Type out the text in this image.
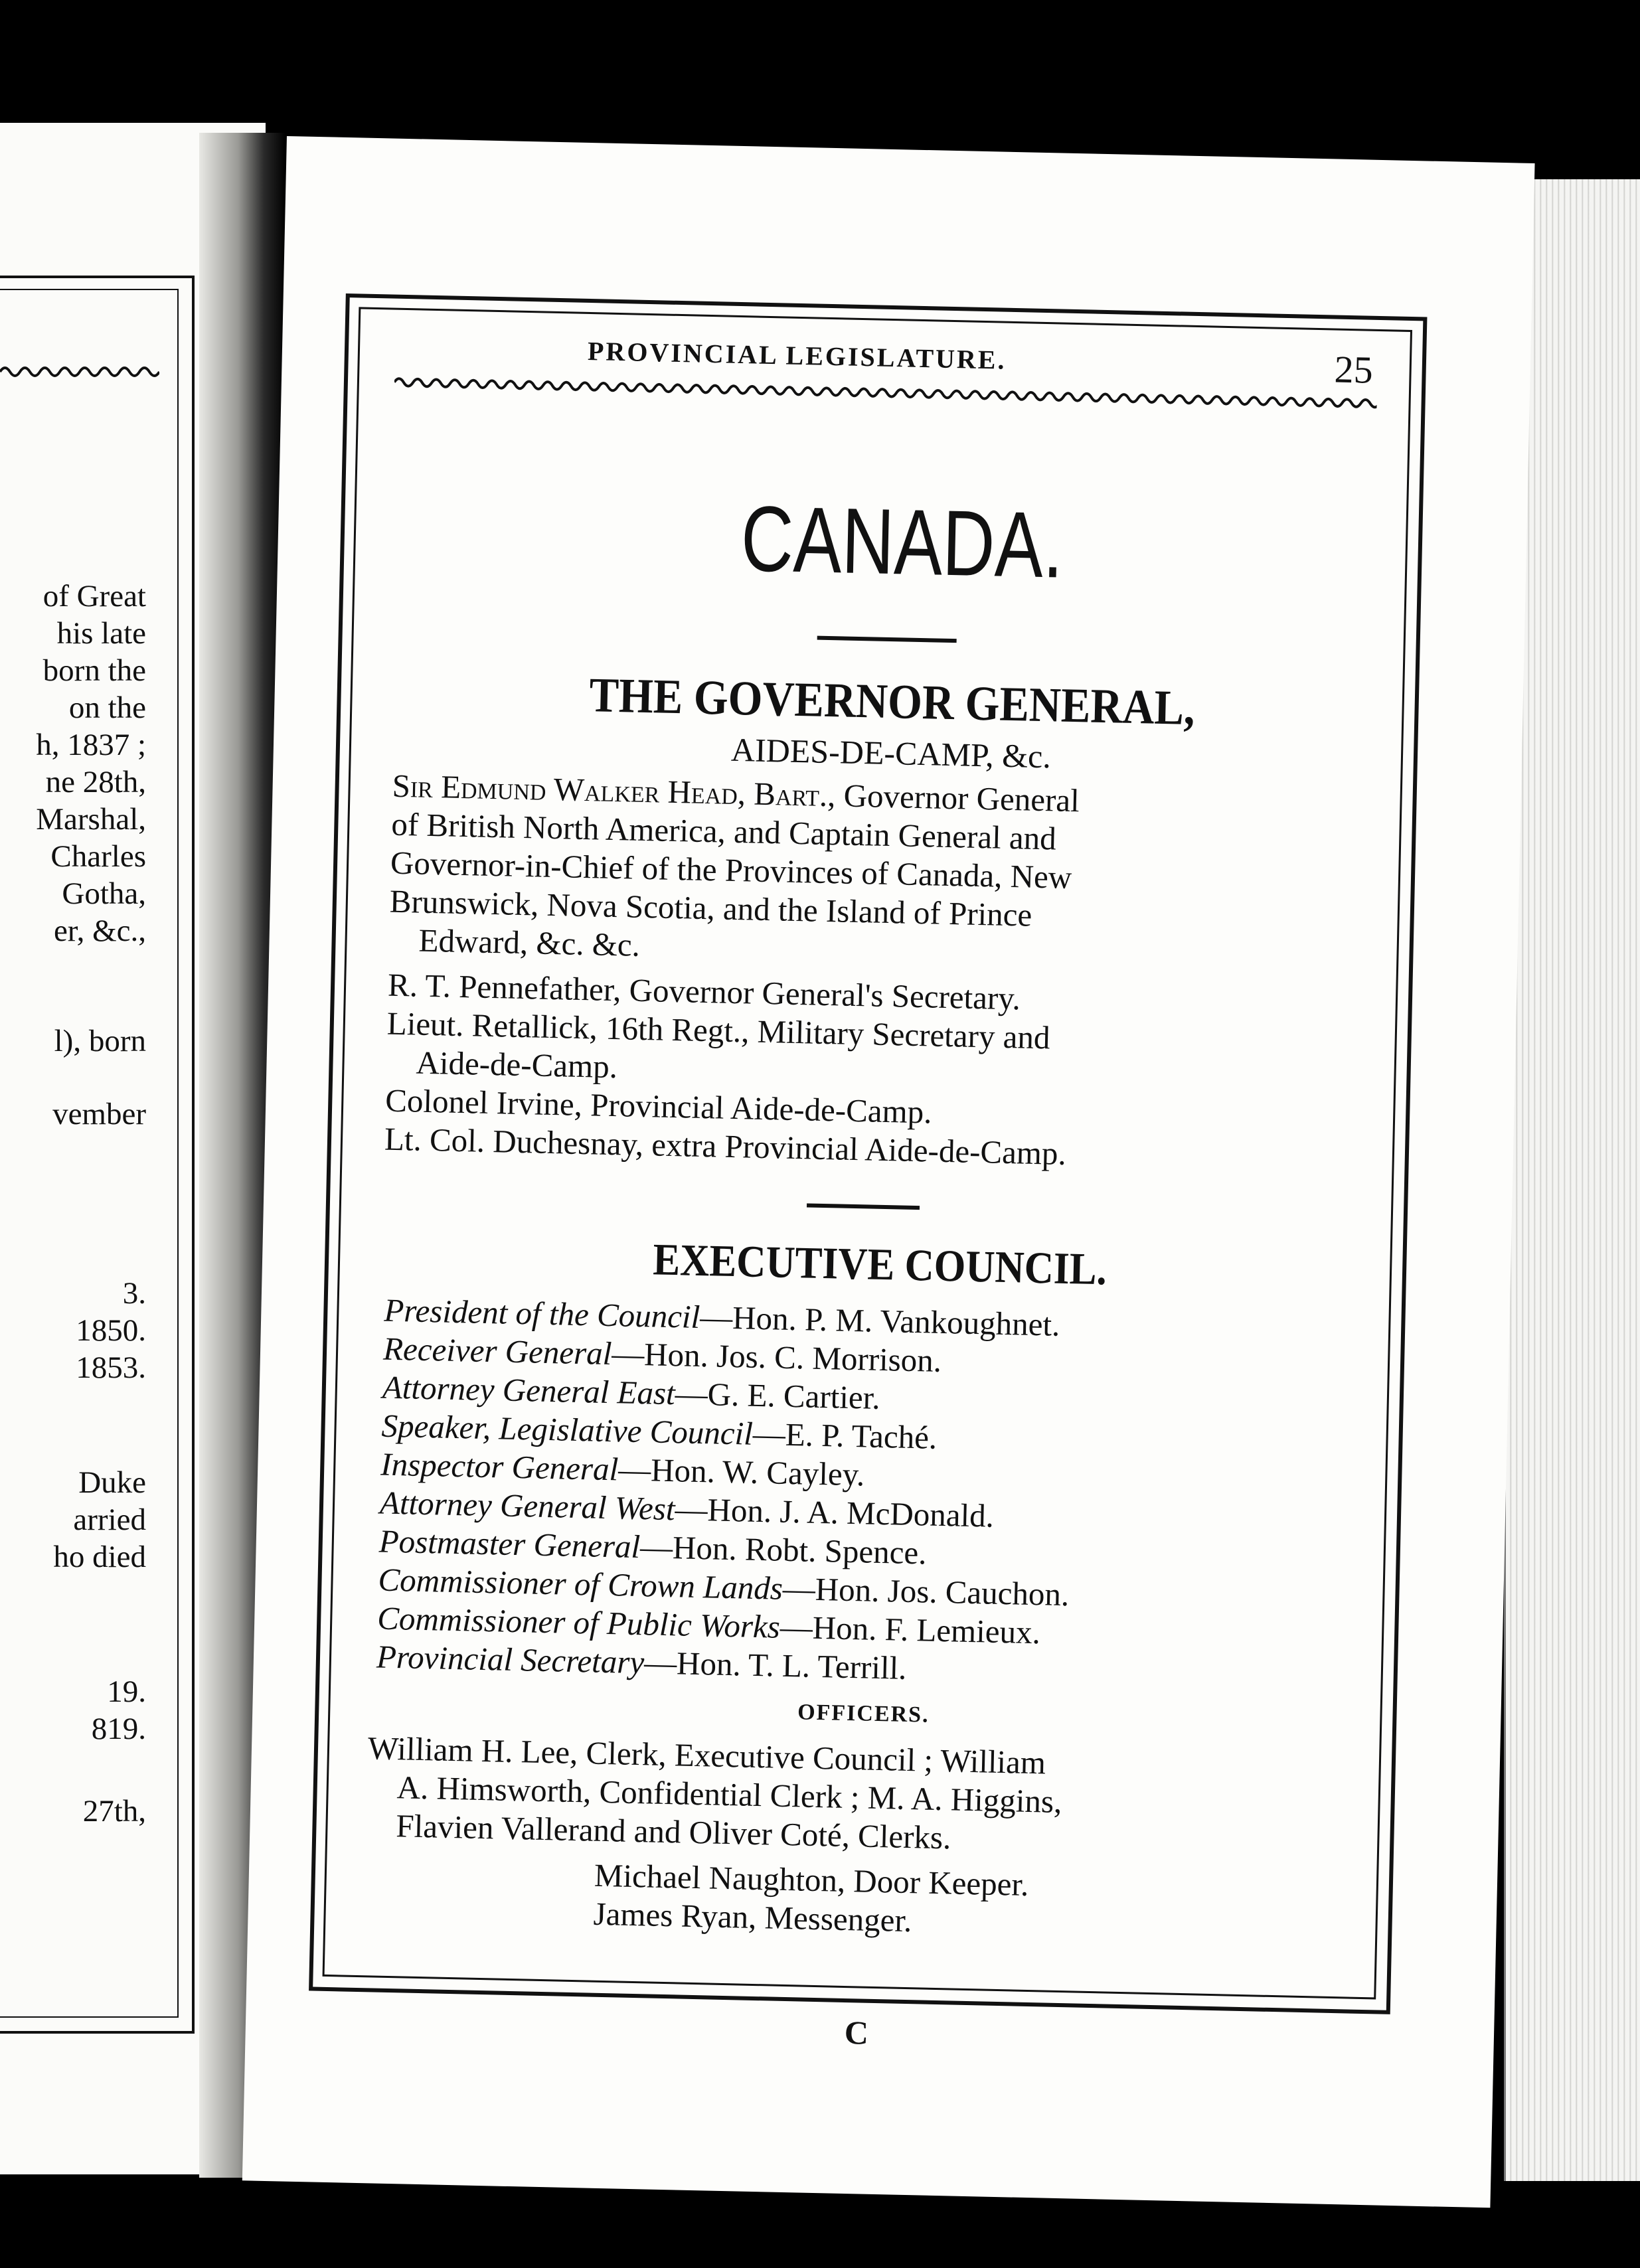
of Great
his late
born the
on the
h, 1837 ;
ne 28th,
Marshal,
Charles
Gotha,
er, &c.,
l), born
vember
3.
1850.
1853.
Duke
arried
ho died
19.
819.
27th,
PROVINCIAL LEGISLATURE.	25
CANADA.
THE GOVERNOR GENERAL,
AIDES-DE-CAMP, &c.
Sir Edmund Walker Head, Bart., Governor General
of British North America, and Captain General and
Governor-in-Chief of the Provinces of Canada, New
Brunswick, Nova Scotia, and the Island of Prince
Edward, &c. &c.
R. T. Pennefather, Governor General's Secretary.
Lieut. Retallick, 16th Regt., Military Secretary and
Aide-de-Camp.
Colonel Irvine, Provincial Aide-de-Camp.
Lt. Col. Duchesnay, extra Provincial Aide-de-Camp.
EXECUTIVE COUNCIL.
President of the Council—Hon. P. M. Vankoughnet.
Receiver General—Hon. Jos. C. Morrison.
Attorney General East—G. E. Cartier.
Speaker, Legislative Council—E. P. Taché.
Inspector General—Hon. W. Cayley.
Attorney General West—Hon. J. A. McDonald.
Postmaster General—Hon. Robt. Spence.
Commissioner of Crown Lands—Hon. Jos. Cauchon.
Commissioner of Public Works—Hon. F. Lemieux.
Provincial Secretary—Hon. T. L. Terrill.
OFFICERS.
William H. Lee, Clerk, Executive Council ; William
A. Himsworth, Confidential Clerk ; M. A. Higgins,
Flavien Vallerand and Oliver Coté, Clerks.
Michael Naughton, Door Keeper.
James Ryan, Messenger.
C
